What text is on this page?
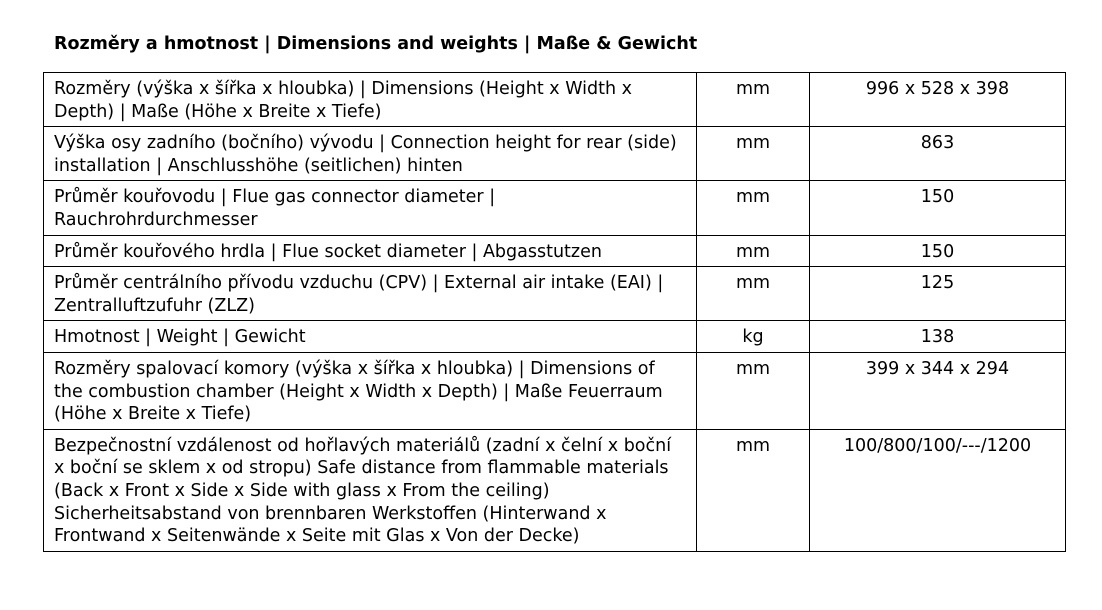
Rozměry a hmotnost | Dimensions and weights | Maße & Gewicht
Rozměry (výška x šířka x hloubka) | Dimensions (Height x Width x Depth) | Maße (Höhe x Breite x Tiefe)	mm	996 x 528 x 398
Výška osy zadního (bočního) vývodu | Connection height for rear (side) installation | Anschlusshöhe (seitlichen) hinten	mm	863
Průměr kouřovodu | Flue gas connector diameter | Rauchrohrdurchmesser	mm	150
Průměr kouřového hrdla | Flue socket diameter | Abgasstutzen	mm	150
Průměr centrálního přívodu vzduchu (CPV) | External air intake (EAI) | Zentralluftzufuhr (ZLZ)	mm	125
Hmotnost | Weight | Gewicht	kg	138
Rozměry spalovací komory (výška x šířka x hloubka) | Dimensions of the combustion chamber (Height x Width x Depth) | Maße Feuerraum (Höhe x Breite x Tiefe)	mm	399 x 344 x 294
Bezpečnostní vzdálenost od hořlavých materiálů (zadní x čelní x boční x boční se sklem x od stropu) Safe distance from flammable materials (Back x Front x Side x Side with glass x From the ceiling) Sicherheitsabstand von brennbaren Werkstoffen (Hinterwand x Frontwand x Seitenwände x Seite mit Glas x Von der Decke)	mm	100/800/100/---/1200
